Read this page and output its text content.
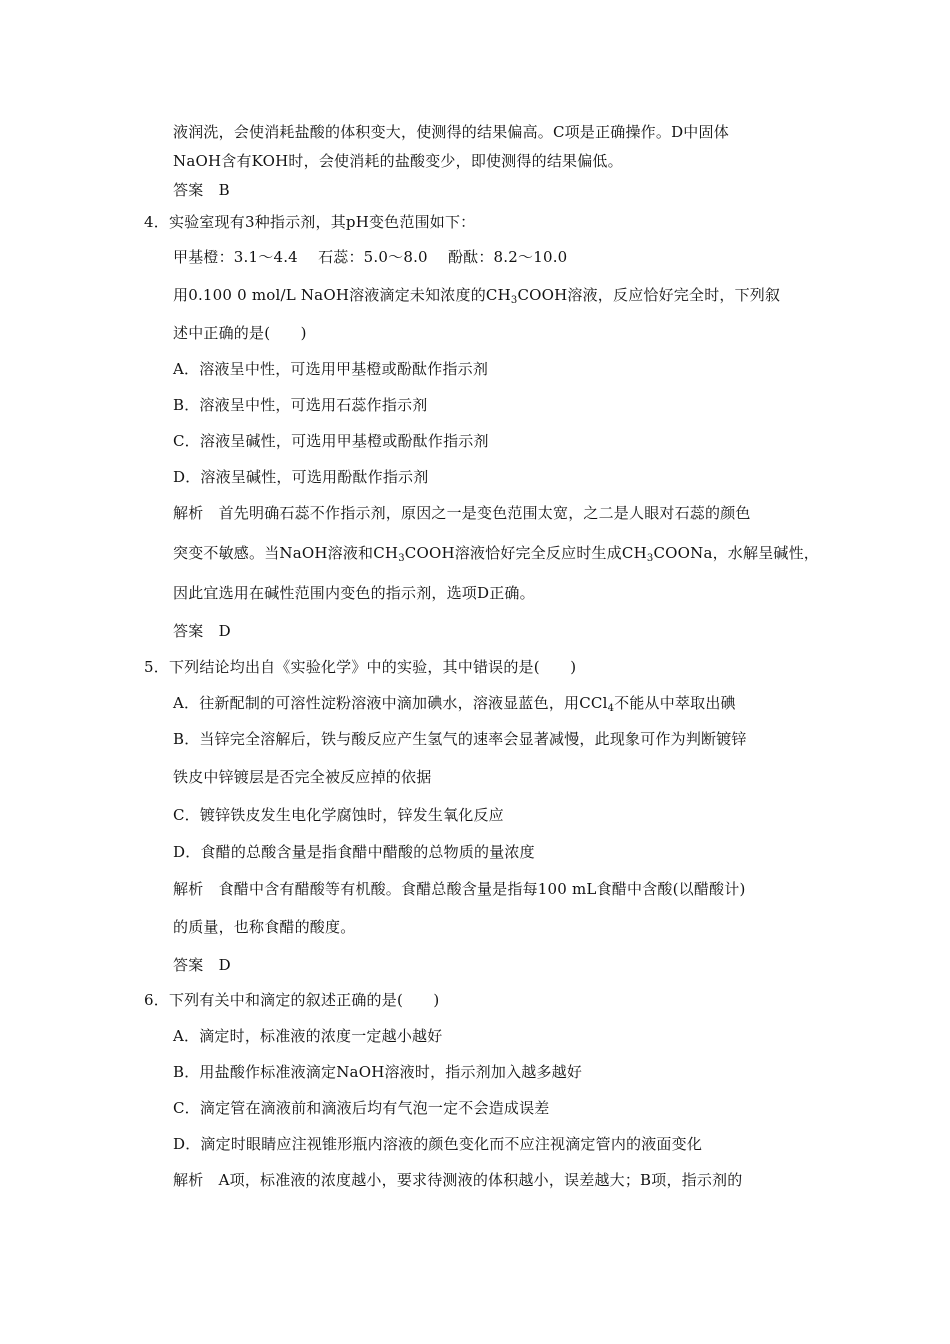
液润洗，会使消耗盐酸的体积变大，使测得的结果偏高。C项是正确操作。D中固体
NaOH含有KOH时，会使消耗的盐酸变少，即使测得的结果偏低。
答案　B
4．实验室现有3种指示剂，其pH变色范围如下：
甲基橙：3.1～4.4　 石蕊：5.0～8.0　 酚酞：8.2～10.0
用0.100 0 mol/L NaOH溶液滴定未知浓度的$CH_3COOH$溶液，反应恰好完全时，下列叙
述中正确的是(　　)
A．溶液呈中性，可选用甲基橙或酚酞作指示剂
B．溶液呈中性，可选用石蕊作指示剂
C．溶液呈碱性，可选用甲基橙或酚酞作指示剂
D．溶液呈碱性，可选用酚酞作指示剂
解析　首先明确石蕊不作指示剂，原因之一是变色范围太宽，之二是人眼对石蕊的颜色
突变不敏感。当NaOH溶液和$CH_3COOH$溶液恰好完全反应时生成$CH_3COONa$，水解呈碱性，
因此宜选用在碱性范围内变色的指示剂，选项D正确。
答案　D
5．下列结论均出自《实验化学》中的实验，其中错误的是(　　)
A．往新配制的可溶性淀粉溶液中滴加碘水，溶液显蓝色，用CCl$_4$不能从中萃取出碘
B．当锌完全溶解后，铁与酸反应产生氢气的速率会显著减慢，此现象可作为判断镀锌
铁皮中锌镀层是否完全被反应掉的依据
C．镀锌铁皮发生电化学腐蚀时，锌发生氧化反应
D．食醋的总酸含量是指食醋中醋酸的总物质的量浓度
解析　食醋中含有醋酸等有机酸。食醋总酸含量是指每100 mL食醋中含酸(以醋酸计)
的质量，也称食醋的酸度。
答案　D
6．下列有关中和滴定的叙述正确的是(　　)
A．滴定时，标准液的浓度一定越小越好
B．用盐酸作标准液滴定NaOH溶液时，指示剂加入越多越好
C．滴定管在滴液前和滴液后均有气泡一定不会造成误差
D．滴定时眼睛应注视锥形瓶内溶液的颜色变化而不应注视滴定管内的液面变化
解析　A项，标准液的浓度越小，要求待测液的体积越小，误差越大；B项，指示剂的
